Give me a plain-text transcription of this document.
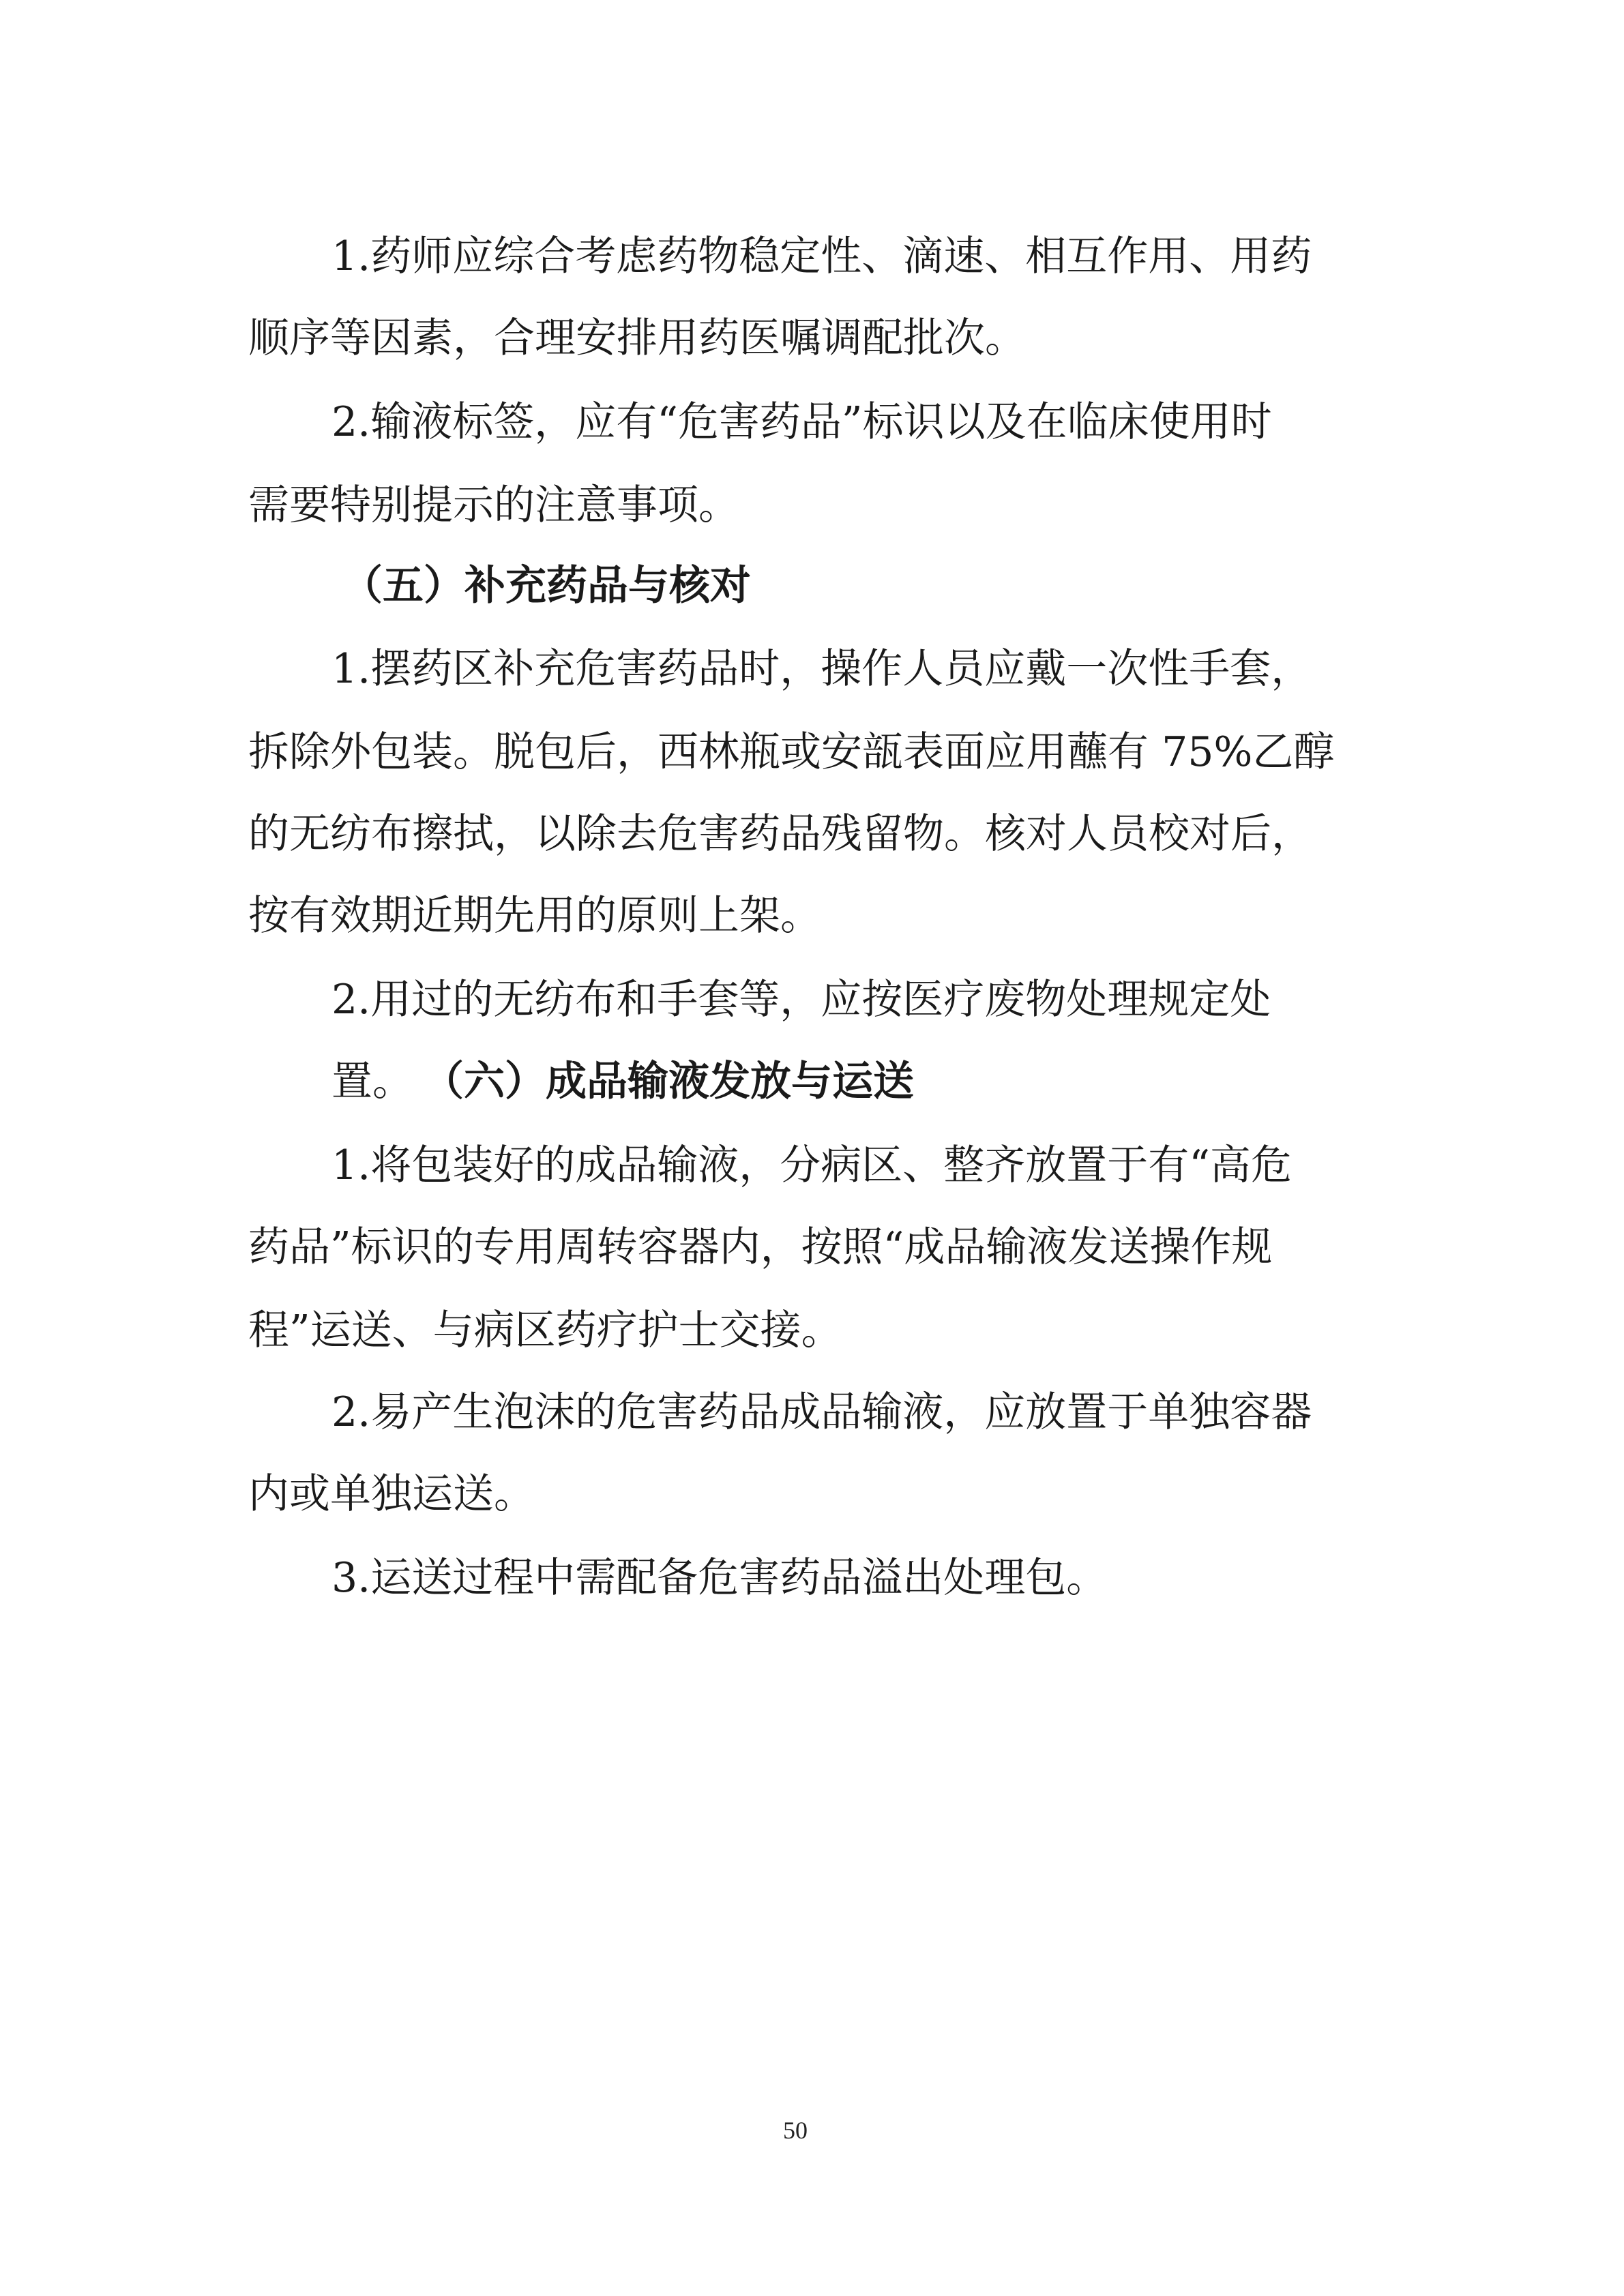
1.药师应综合考虑药物稳定性、滴速、相互作用、用药
顺序等因素，合理安排用药医嘱调配批次。
2.输液标签，应有“危害药品”标识以及在临床使用时
需要特别提示的注意事项。
（五）补充药品与核对
1.摆药区补充危害药品时，操作人员应戴一次性手套，
拆除外包装。脱包后，西林瓶或安瓿表面应用蘸有 75%乙醇
的无纺布擦拭，以除去危害药品残留物。核对人员校对后，
按有效期近期先用的原则上架。
2.用过的无纺布和手套等，应按医疗废物处理规定处
置。 （六）成品输液发放与运送
1.将包装好的成品输液，分病区、整齐放置于有“高危
药品”标识的专用周转容器内，按照“成品输液发送操作规
程”运送、与病区药疗护士交接。
2.易产生泡沫的危害药品成品输液，应放置于单独容器
内或单独运送。
3.运送过程中需配备危害药品溢出处理包。
50
